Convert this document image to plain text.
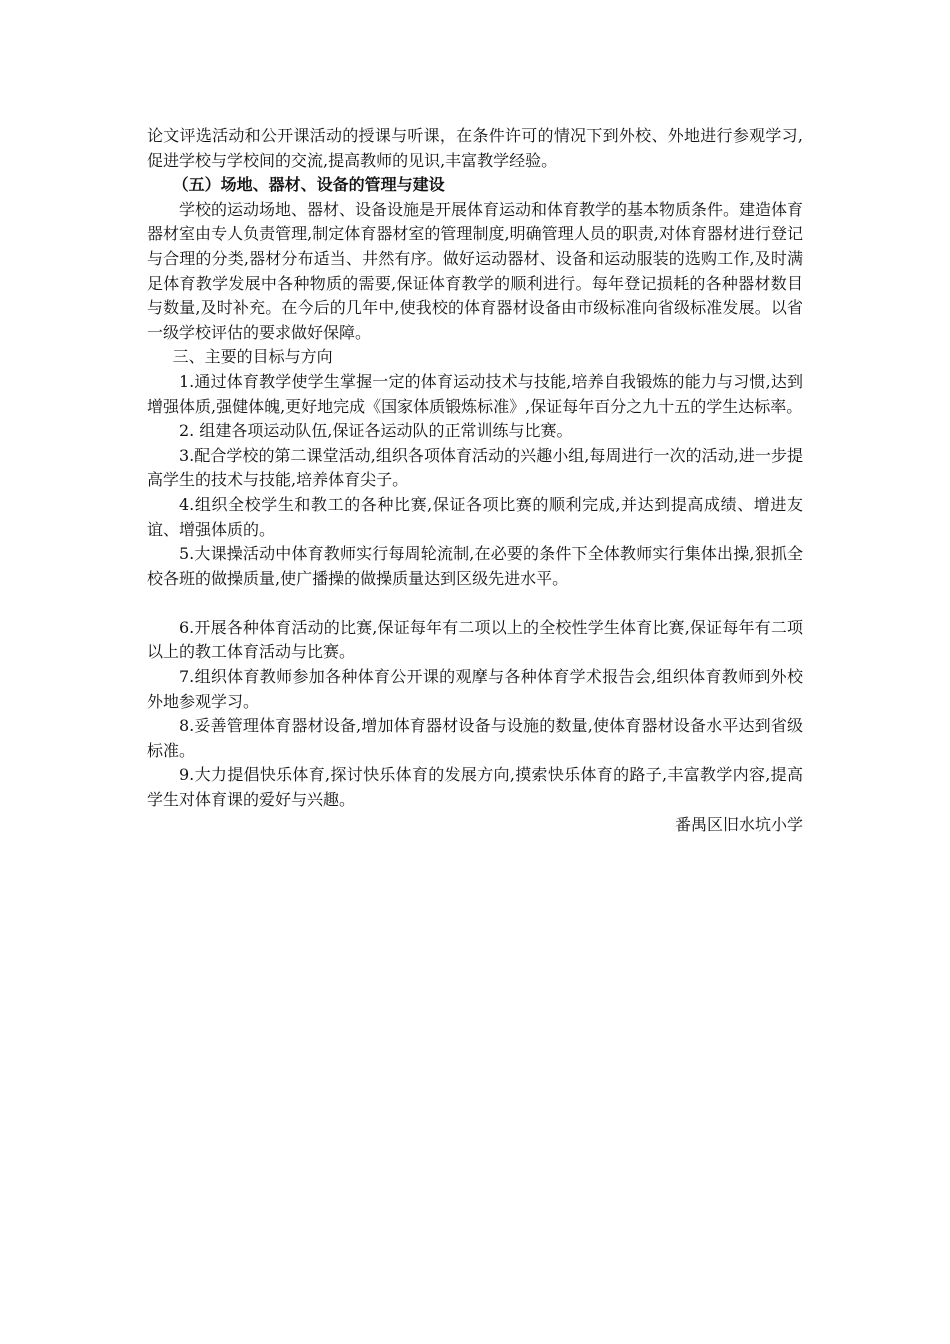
论文评选活动和公开课活动的授课与听课，在条件许可的情况下到外校、外地进行参观学习,促进学校与学校间的交流,提高教师的见识,丰富教学经验。

（五）场地、器材、设备的管理与建设

学校的运动场地、器材、设备设施是开展体育运动和体育教学的基本物质条件。建造体育器材室由专人负责管理,制定体育器材室的管理制度,明确管理人员的职责,对体育器材进行登记与合理的分类,器材分布适当、井然有序。做好运动器材、设备和运动服装的选购工作,及时满足体育教学发展中各种物质的需要,保证体育教学的顺利进行。每年登记损耗的各种器材数目与数量,及时补充。在今后的几年中,使我校的体育器材设备由市级标准向省级标准发展。以省一级学校评估的要求做好保障。

三、主要的目标与方向

1.通过体育教学使学生掌握一定的体育运动技术与技能,培养自我锻炼的能力与习惯,达到增强体质,强健体魄,更好地完成《国家体质锻炼标准》,保证每年百分之九十五的学生达标率。

2. 组建各项运动队伍,保证各运动队的正常训练与比赛。

3.配合学校的第二课堂活动,组织各项体育活动的兴趣小组,每周进行一次的活动,进一步提高学生的技术与技能,培养体育尖子。

4.组织全校学生和教工的各种比赛,保证各项比赛的顺利完成,并达到提高成绩、增进友谊、增强体质的。

5.大课操活动中体育教师实行每周轮流制,在必要的条件下全体教师实行集体出操,狠抓全校各班的做操质量,使广播操的做操质量达到区级先进水平。

6.开展各种体育活动的比赛,保证每年有二项以上的全校性学生体育比赛,保证每年有二项以上的教工体育活动与比赛。

7.组织体育教师参加各种体育公开课的观摩与各种体育学术报告会,组织体育教师到外校外地参观学习。

8.妥善管理体育器材设备,增加体育器材设备与设施的数量,使体育器材设备水平达到省级标准。

9.大力提倡快乐体育,探讨快乐体育的发展方向,摸索快乐体育的路子,丰富教学内容,提高学生对体育课的爱好与兴趣。

番禺区旧水坑小学
